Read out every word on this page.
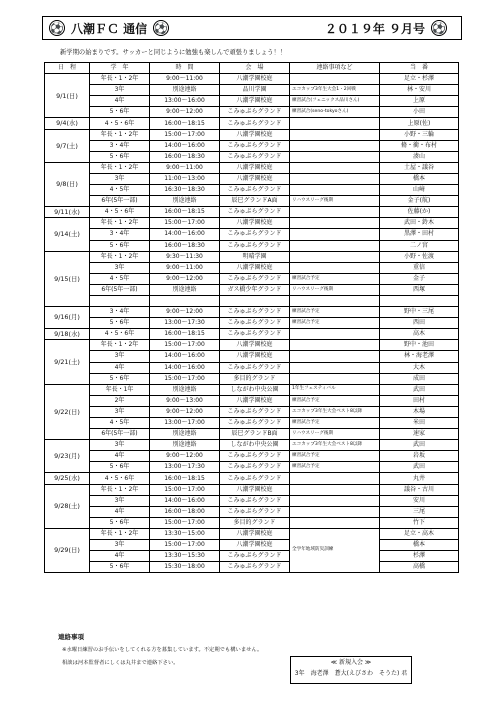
⚽ 八潮ＦＣ 通信 ⚽	２０１９年 ９月号 ⚽
新学期の始まりです。サッカーと同じように勉強も楽しんで頑張りましょう！！
日　程	学　年	時　間	会　場	連絡事項など	当　番
9/1(日)	年長・1・2年	9:00～11:00	八潮学園校庭		足立・杉澤
	3年	別途連絡	品川学園	エコカップ3年生大会1・2回戦	林・安川
	4年	13:00～16:00	八潮学園校庭	練習試合(フェニックス品川さん)	上原
	5・6年	9:00～12:00	こみゅぷらグランド	練習試合(seno-tokyoさん)	小田
9/4(水)	4・5・6年	16:00～18:15	こみゅぷらグランド		上原(佐)
9/7(土)	年長・1・2年	15:00～17:00	八潮学園校庭		小野・三輪
	3・4年	14:00～16:00	こみゅぷらグランド		脩・衝・布村
	5・6年	16:00～18:30	こみゅぷらグランド		湊山
9/8(日)	年長・1・2年	9:00～11:00	八潮学園校庭		土屋・議谷
	3年	11:00～13:00	八潮学園校庭		橋本
	4・5年	16:30～18:30	こみゅぷらグランド		山﨑
	6年(5年一部)	別途連絡	辰巳グランドA面	リハウスリーグ後期	金子(航)
9/11(水)	4・5・6年	16:00～18:15	こみゅぷらグランド		佐藤(か)
9/14(土)	年長・1・2年	15:00～17:00	八潮学園校庭		武田・鈴木
	3・4年	14:00～16:00	こみゅぷらグランド		黒澤・田村
	5・6年	16:00～18:30	こみゅぷらグランド		二ノ宮
9/15(日)	年長・1・2年	9:30～11:30	明晴学園		小野・佐渡
	3年	9:00～11:00	八潮学園校庭		重信
	4・5年	9:00～12:00	こみゅぷらグランド	練習試合予定	金子
	6年(5年一部)	別途連絡	ガス橋少年グランド	リハウスリーグ後期	西塚

9/16(月)	3・4年	9:00～12:00	こみゅぷらグランド	練習試合予定	野中・三尾
	5・6年	13:00～17:30	こみゅぷらグランド	練習試合予定	西田
9/18(水)	4・5・6年	16:00～18:15	こみゅぷらグランド		高木
9/21(土)	年長・1・2年	15:00～17:00	八潮学園校庭		野中・池田
	3年	14:00～16:00	八潮学園校庭		林・海老澤
	4年	14:00～16:00	こみゅぷらグランド		大木
	5・6年	15:00～17:00	多目的グランド		成田
9/22(日)	年長・1年	別途連絡	しながわ中央公園	1年生フェスティバル	武田
	2年	9:00～13:00	八潮学園校庭	練習試合予定	田村
	3年	9:00～12:00	こみゅぷらグランド	エコカップ3年生大会ベスト8以降	木場
	4・5年	13:00～17:00	こみゅぷらグランド	練習試合予定	米田
	6年(5年一部)	別途連絡	辰巳グランドB面	リハウスリーグ後期	速家
9/23(月)	3年	別途連絡	しながわ中央公園	エコカップ3年生大会ベスト8以降	武田
	4年	9:00～12:00	こみゅぷらグランド	練習試合予定	岩坂
	5・6年	13:00～17:30	こみゅぷらグランド	練習試合予定	武田
9/25(水)	4・5・6年	16:00～18:15	こみゅぷらグランド		丸井
9/28(土)	年長・1・2年	15:00～17:00	八潮学園校庭		議谷・古川
	3年	14:00～16:00	こみゅぷらグランド		安川
	4年	16:00～18:00	こみゅぷらグランド		三尾
	5・6年	15:00～17:00	多目的グランド		竹下
9/29(日)	年長・1・2年	13:30～15:00	八潮学園校庭	全学年地域防災訓練	足立・高木
	3年	15:00～17:00	八潮学園校庭		橋本
	4年	13:30～15:30	こみゅぷらグランド		杉澤
	5・6年	15:30～18:00	こみゅぷらグランド		高橋
連絡事項
※水曜日練習のお手伝いをしてくれる方を募集しています。不定期でも構いません。
相談は河本監督者にしくは丸井まで連絡下さい。	≪ 新規入会 ≫
3年　海老澤　蒼大(えびさわ　そうた) 君
